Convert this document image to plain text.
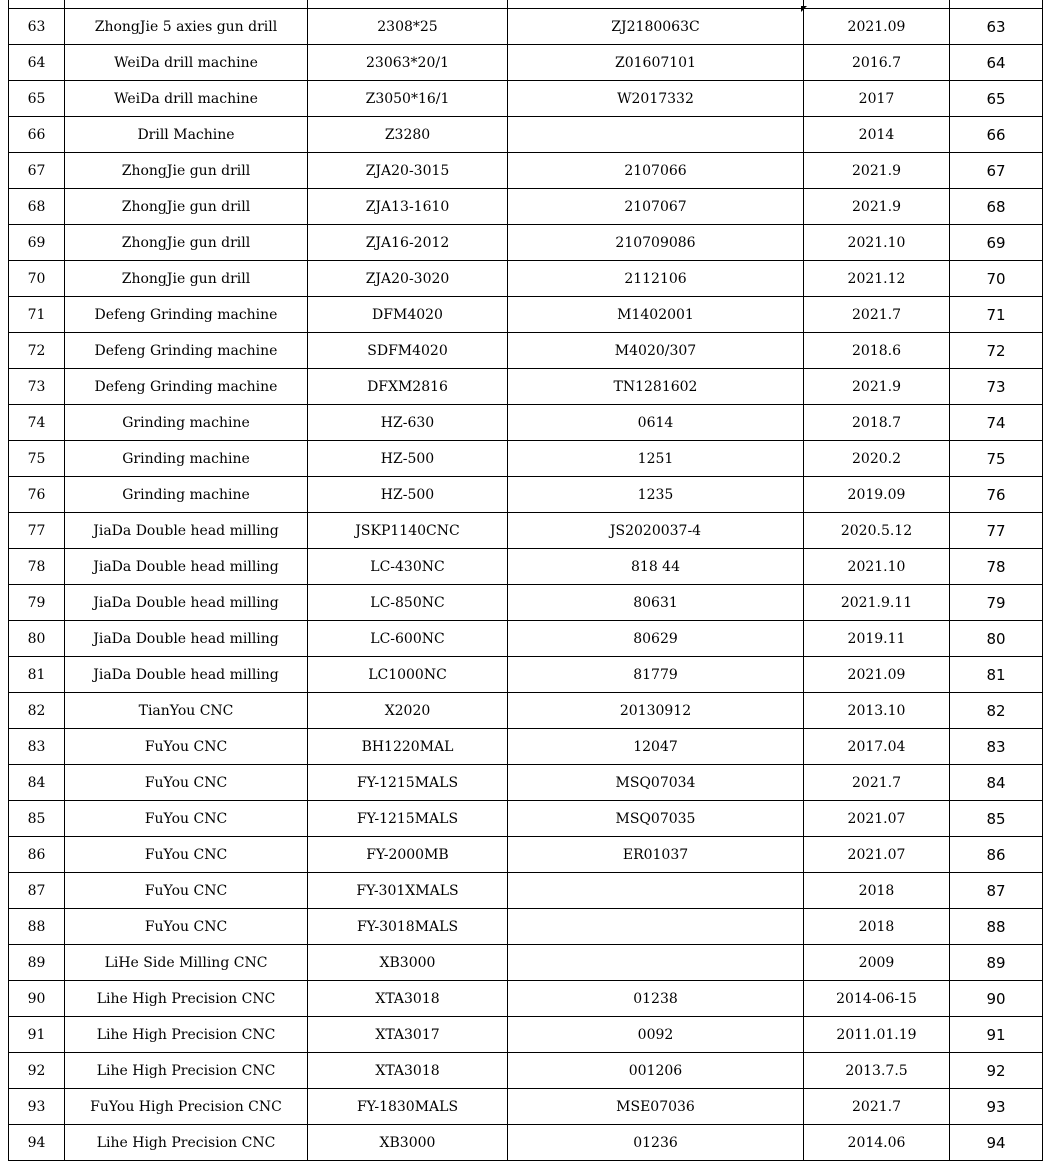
63	ZhongJie 5 axies gun drill	2308*25	ZJ2180063C	2021.09	63
64	WeiDa drill machine	23063*20/1	Z01607101	2016.7	64
65	WeiDa drill machine	Z3050*16/1	W2017332	2017	65
66	Drill Machine	Z3280		2014	66
67	ZhongJie gun drill	ZJA20-3015	2107066	2021.9	67
68	ZhongJie gun drill	ZJA13-1610	2107067	2021.9	68
69	ZhongJie gun drill	ZJA16-2012	210709086	2021.10	69
70	ZhongJie gun drill	ZJA20-3020	2112106	2021.12	70
71	Defeng Grinding machine	DFM4020	M1402001	2021.7	71
72	Defeng Grinding machine	SDFM4020	M4020/307	2018.6	72
73	Defeng Grinding machine	DFXM2816	TN1281602	2021.9	73
74	Grinding machine	HZ-630	0614	2018.7	74
75	Grinding machine	HZ-500	1251	2020.2	75
76	Grinding machine	HZ-500	1235	2019.09	76
77	JiaDa Double head milling	JSKP1140CNC	JS2020037-4	2020.5.12	77
78	JiaDa Double head milling	LC-430NC	818 44	2021.10	78
79	JiaDa Double head milling	LC-850NC	80631	2021.9.11	79
80	JiaDa Double head milling	LC-600NC	80629	2019.11	80
81	JiaDa Double head milling	LC1000NC	81779	2021.09	81
82	TianYou CNC	X2020	20130912	2013.10	82
83	FuYou CNC	BH1220MAL	12047	2017.04	83
84	FuYou CNC	FY-1215MALS	MSQ07034	2021.7	84
85	FuYou CNC	FY-1215MALS	MSQ07035	2021.07	85
86	FuYou CNC	FY-2000MB	ER01037	2021.07	86
87	FuYou CNC	FY-301XMALS		2018	87
88	FuYou CNC	FY-3018MALS		2018	88
89	LiHe Side Milling CNC	XB3000		2009	89
90	Lihe High Precision CNC	XTA3018	01238	2014-06-15	90
91	Lihe High Precision CNC	XTA3017	0092	2011.01.19	91
92	Lihe High Precision CNC	XTA3018	001206	2013.7.5	92
93	FuYou High Precision CNC	FY-1830MALS	MSE07036	2021.7	93
94	Lihe High Precision CNC	XB3000	01236	2014.06	94
